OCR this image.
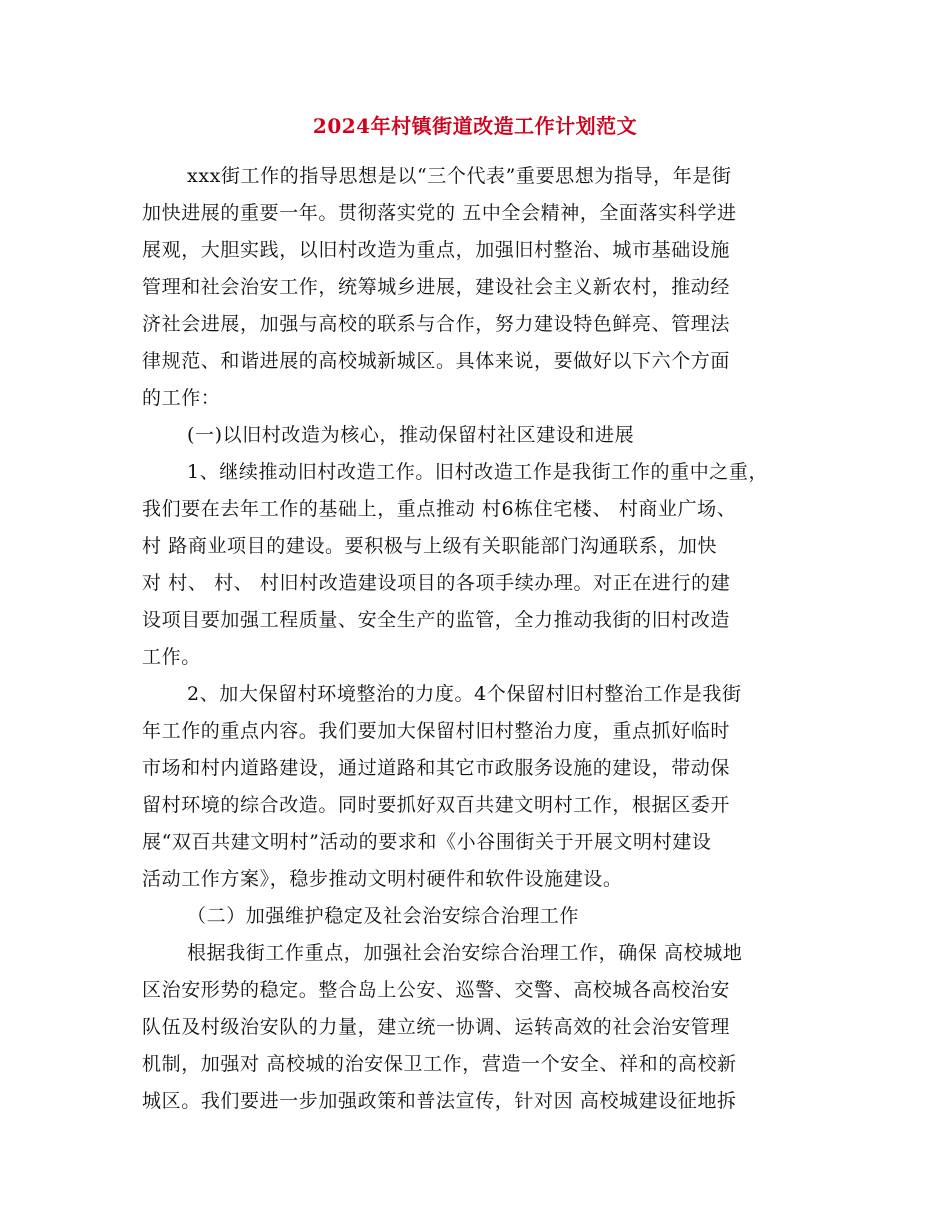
2024年村镇街道改造工作计划范文
xxx街工作的指导思想是以“三个代表”重要思想为指导，年是街
加快进展的重要一年。贯彻落实党的 五中全会精神，全面落实科学进
展观，大胆实践，以旧村改造为重点，加强旧村整治、城市基础设施
管理和社会治安工作，统筹城乡进展，建设社会主义新农村，推动经
济社会进展，加强与高校的联系与合作，努力建设特色鲜亮、管理法
律规范、和谐进展的高校城新城区。具体来说，要做好以下六个方面
的工作：
(一)以旧村改造为核心，推动保留村社区建设和进展
1、继续推动旧村改造工作。旧村改造工作是我街工作的重中之重，
我们要在去年工作的基础上，重点推动 村6栋住宅楼、 村商业广场、
村 路商业项目的建设。要积极与上级有关职能部门沟通联系，加快
对 村、 村、 村旧村改造建设项目的各项手续办理。对正在进行的建
设项目要加强工程质量、安全生产的监管，全力推动我街的旧村改造
工作。
2、加大保留村环境整治的力度。4个保留村旧村整治工作是我街
年工作的重点内容。我们要加大保留村旧村整治力度，重点抓好临时
市场和村内道路建设，通过道路和其它市政服务设施的建设，带动保
留村环境的综合改造。同时要抓好双百共建文明村工作，根据区委开
展“双百共建文明村”活动的要求和《小谷围街关于开展文明村建设
活动工作方案》，稳步推动文明村硬件和软件设施建设。
（二）加强维护稳定及社会治安综合治理工作
根据我街工作重点，加强社会治安综合治理工作，确保 高校城地
区治安形势的稳定。整合岛上公安、巡警、交警、高校城各高校治安
队伍及村级治安队的力量，建立统一协调、运转高效的社会治安管理
机制，加强对 高校城的治安保卫工作，营造一个安全、祥和的高校新
城区。我们要进一步加强政策和普法宣传，针对因 高校城建设征地拆
